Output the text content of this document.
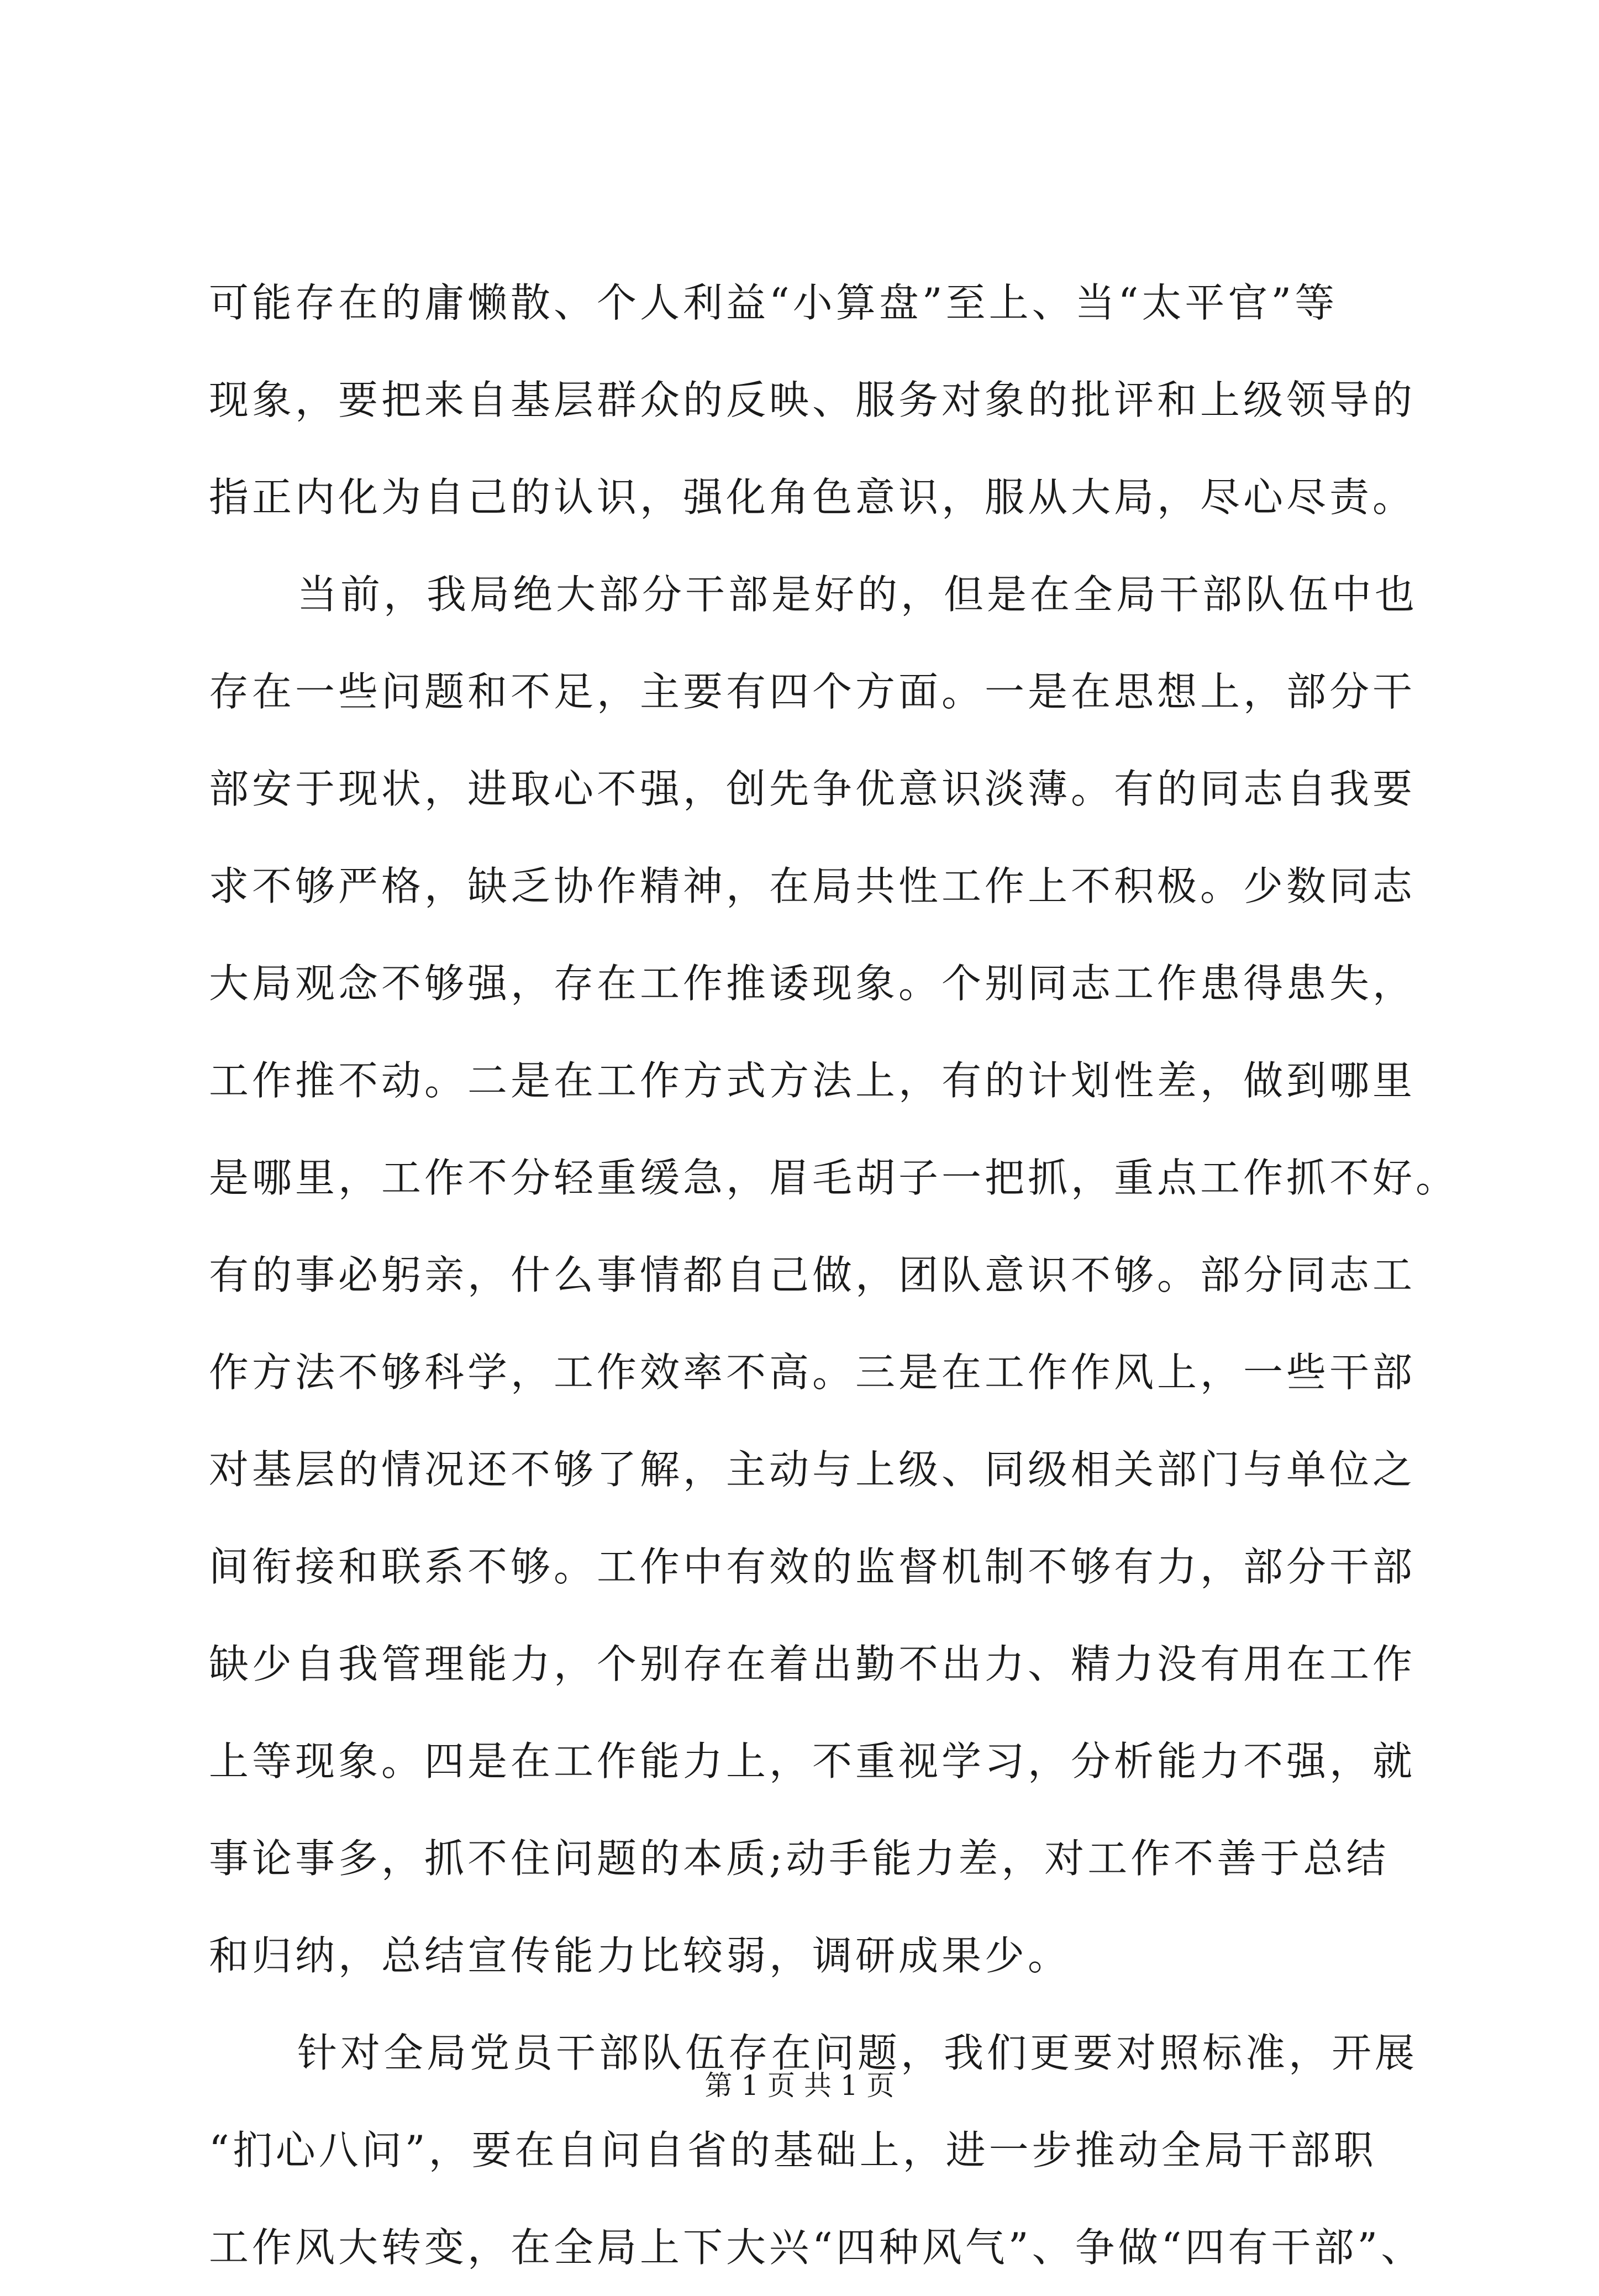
可能存在的庸懒散、个人利益“小算盘”至上、当“太平官”等
现象，要把来自基层群众的反映、服务对象的批评和上级领导的
指正内化为自己的认识，强化角色意识，服从大局，尽心尽责。
当前，我局绝大部分干部是好的，但是在全局干部队伍中也
存在一些问题和不足，主要有四个方面。一是在思想上，部分干
部安于现状，进取心不强，创先争优意识淡薄。有的同志自我要
求不够严格，缺乏协作精神，在局共性工作上不积极。少数同志
大局观念不够强，存在工作推诿现象。个别同志工作患得患失，
工作推不动。二是在工作方式方法上，有的计划性差，做到哪里
是哪里，工作不分轻重缓急，眉毛胡子一把抓，重点工作抓不好。
有的事必躬亲，什么事情都自己做，团队意识不够。部分同志工
作方法不够科学，工作效率不高。三是在工作作风上，一些干部
对基层的情况还不够了解，主动与上级、同级相关部门与单位之
间衔接和联系不够。工作中有效的监督机制不够有力，部分干部
缺少自我管理能力，个别存在着出勤不出力、精力没有用在工作
上等现象。四是在工作能力上，不重视学习，分析能力不强，就
事论事多，抓不住问题的本质;动手能力差，对工作不善于总结
和归纳，总结宣传能力比较弱，调研成果少。
针对全局党员干部队伍存在问题，我们更要对照标准，开展
“扪心八问”，要在自问自省的基础上，进一步推动全局干部职
工作风大转变，在全局上下大兴“四种风气”、争做“四有干部”、
第 1 页 共 1 页
